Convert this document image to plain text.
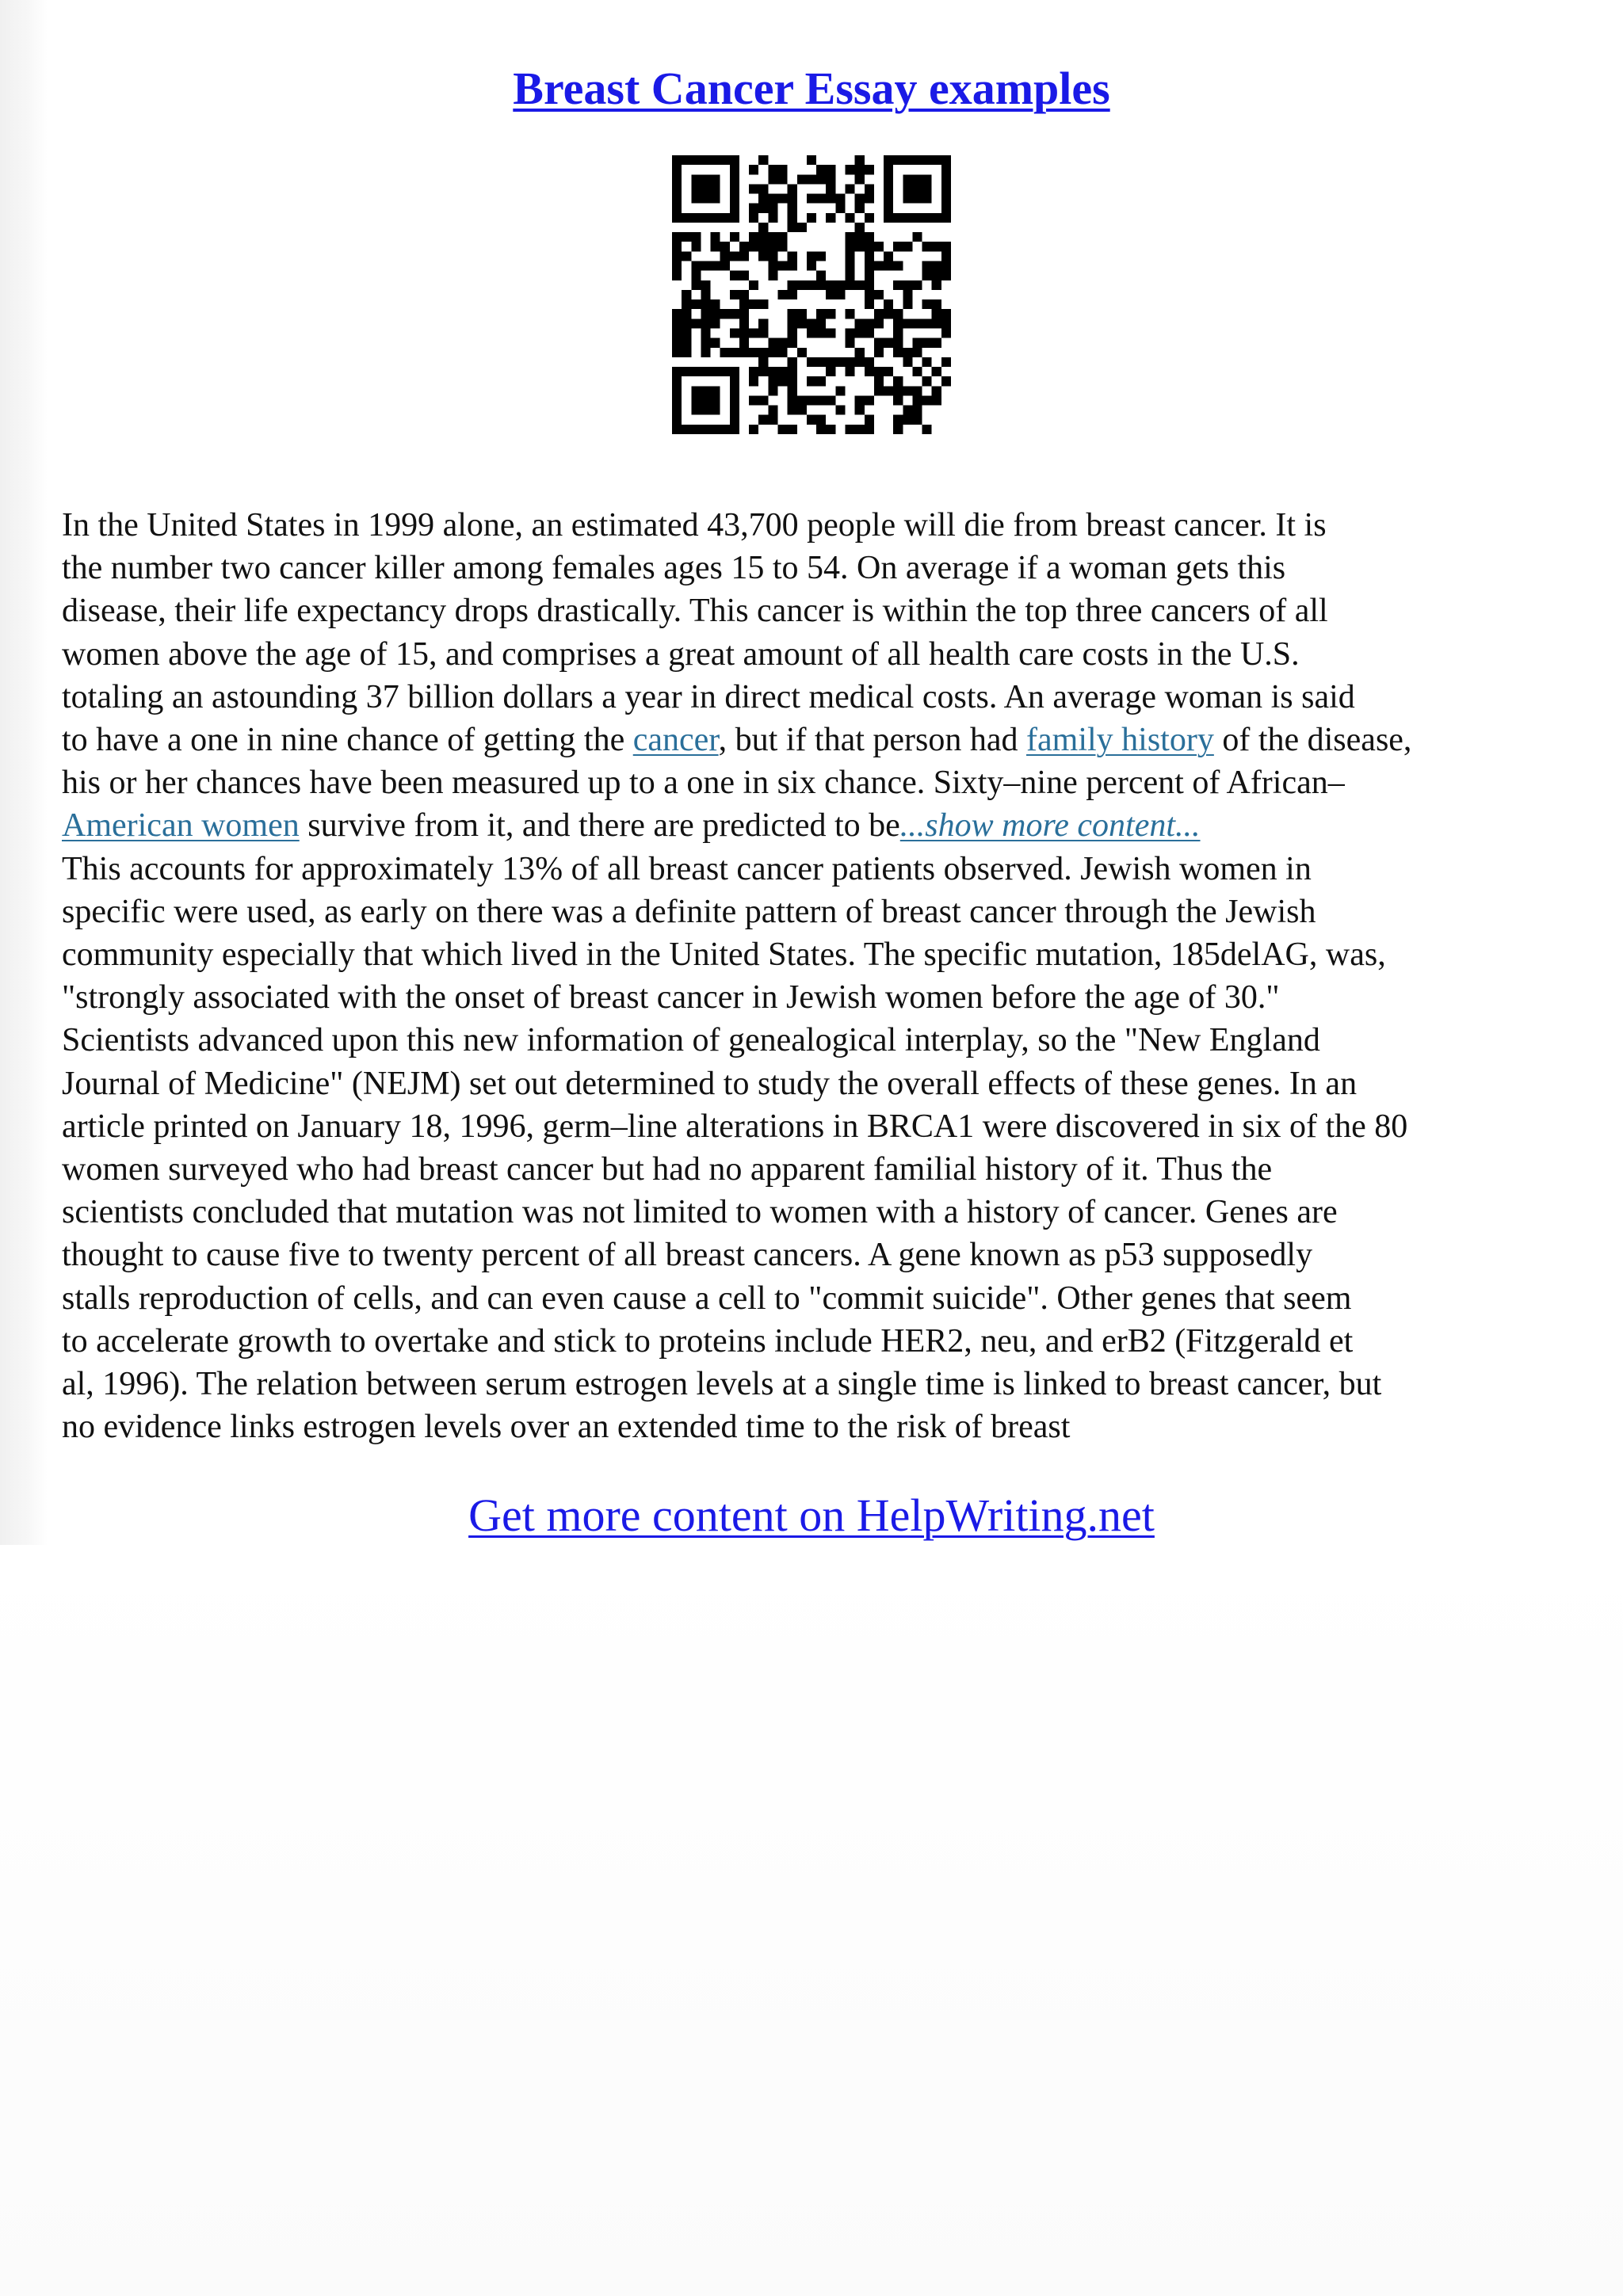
Breast Cancer Essay examples
In the United States in 1999 alone, an estimated 43,700 people will die from breast cancer. It is
the number two cancer killer among females ages 15 to 54. On average if a woman gets this
disease, their life expectancy drops drastically. This cancer is within the top three cancers of all
women above the age of 15, and comprises a great amount of all health care costs in the U.S.
totaling an astounding 37 billion dollars a year in direct medical costs. An average woman is said
to have a one in nine chance of getting the cancer, but if that person had family history of the disease,
his or her chances have been measured up to a one in six chance. Sixty–nine percent of African–
American women survive from it, and there are predicted to be...show more content...
This accounts for approximately 13% of all breast cancer patients observed. Jewish women in
specific were used, as early on there was a definite pattern of breast cancer through the Jewish
community especially that which lived in the United States. The specific mutation, 185delAG, was,
"strongly associated with the onset of breast cancer in Jewish women before the age of 30."
Scientists advanced upon this new information of genealogical interplay, so the "New England
Journal of Medicine" (NEJM) set out determined to study the overall effects of these genes. In an
article printed on January 18, 1996, germ–line alterations in BRCA1 were discovered in six of the 80
women surveyed who had breast cancer but had no apparent familial history of it. Thus the
scientists concluded that mutation was not limited to women with a history of cancer. Genes are
thought to cause five to twenty percent of all breast cancers. A gene known as p53 supposedly
stalls reproduction of cells, and can even cause a cell to "commit suicide". Other genes that seem
to accelerate growth to overtake and stick to proteins include HER2, neu, and erB2 (Fitzgerald et
al, 1996). The relation between serum estrogen levels at a single time is linked to breast cancer, but
no evidence links estrogen levels over an extended time to the risk of breast
Get more content on HelpWriting.net
